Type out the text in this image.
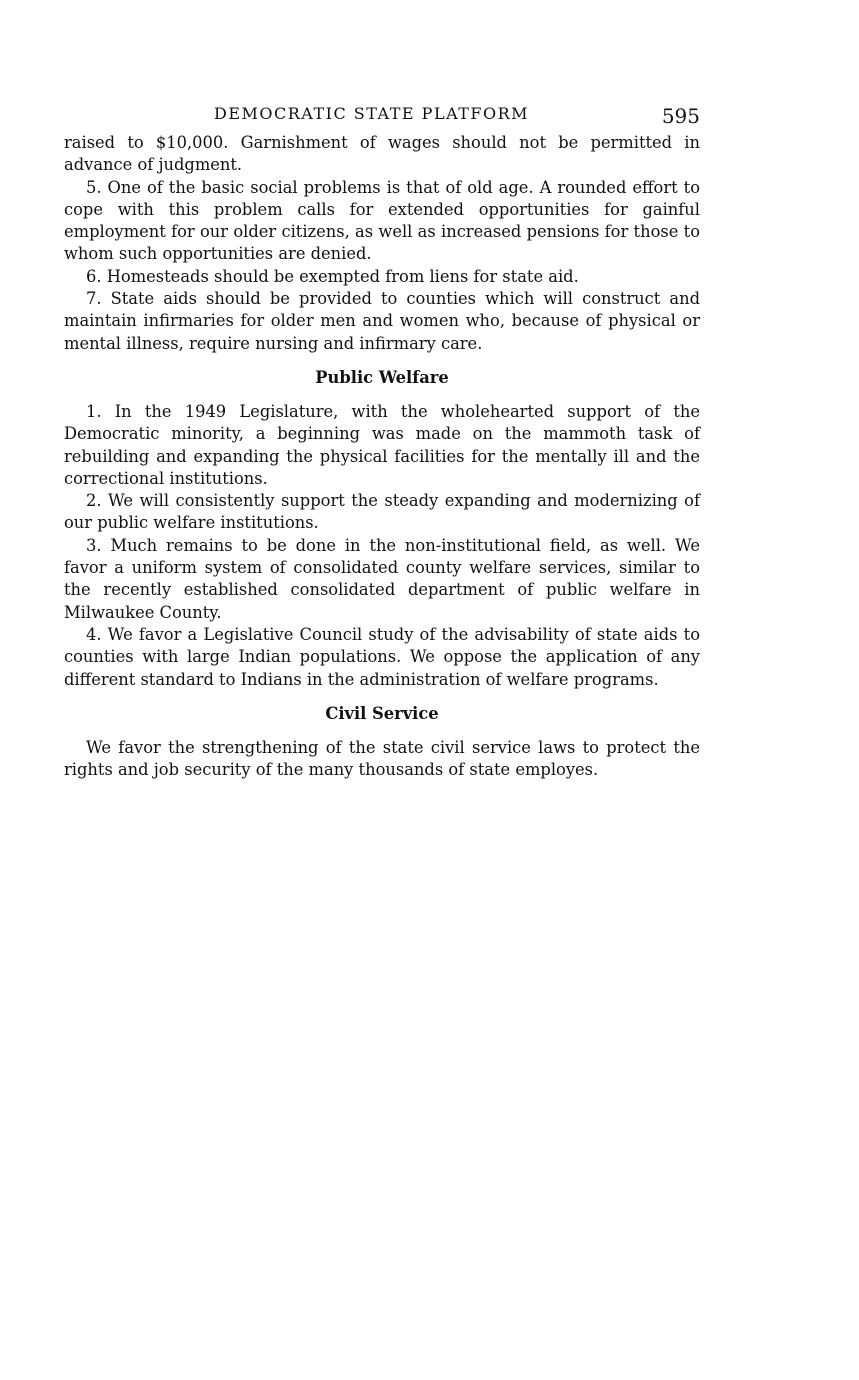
DEMOCRATIC STATE PLATFORM	595

raised to $10,000. Garnishment of wages should not be permitted in advance of judgment.

5. One of the basic social problems is that of old age. A rounded effort to cope with this problem calls for extended opportunities for gainful employment for our older citizens, as well as increased pensions for those to whom such opportunities are denied.

6. Homesteads should be exempted from liens for state aid.

7. State aids should be provided to counties which will construct and maintain infirmaries for older men and women who, because of physical or mental illness, require nursing and infirmary care.

Public Welfare

1. In the 1949 Legislature, with the wholehearted support of the Democratic minority, a beginning was made on the mammoth task of rebuilding and expanding the physical facilities for the mentally ill and the correctional institutions.

2. We will consistently support the steady expanding and modernizing of our public welfare institutions.

3. Much remains to be done in the non-institutional field, as well. We favor a uniform system of consolidated county welfare services, similar to the recently established consolidated department of public welfare in Milwaukee County.

4. We favor a Legislative Council study of the advisability of state aids to counties with large Indian populations. We oppose the application of any different standard to Indians in the administration of welfare programs.

Civil Service

We favor the strengthening of the state civil service laws to protect the rights and job security of the many thousands of state employes.
